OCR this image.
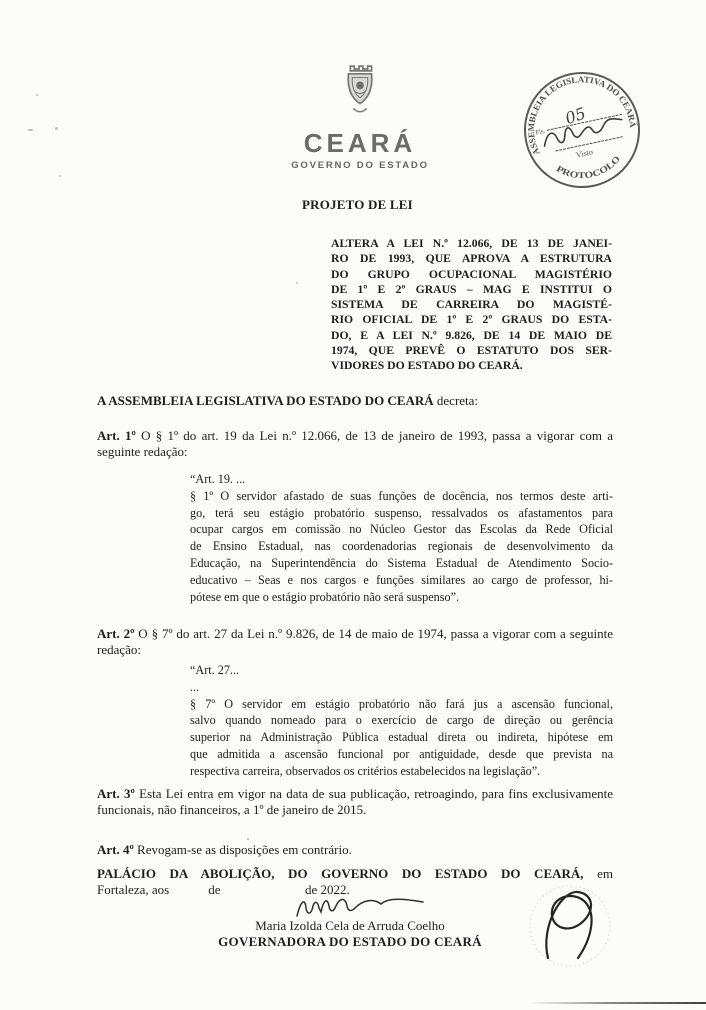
CEARÁ
GOVERNO DO ESTADO
ASSEMBLEIA LEGISLATIVA DO CEARÁ
PROTOCOLO
Fls.
05
Visto
PROJETO DE LEI
ALTERA A LEI N.º 12.066, DE 13 DE JANEI-
RO DE 1993, QUE APROVA A ESTRUTURA
DO GRUPO OCUPACIONAL MAGISTÉRIO
DE 1º E 2º GRAUS – MAG E INSTITUI O
SISTEMA DE CARREIRA DO MAGISTÉ-
RIO OFICIAL DE 1º E 2º GRAUS DO ESTA-
DO, E A LEI N.º 9.826, DE 14 DE MAIO DE
1974, QUE PREVÊ O ESTATUTO DOS SER-
VIDORES DO ESTADO DO CEARÁ.

A ASSEMBLEIA LEGISLATIVA DO ESTADO DO CEARÁ decreta:

Art. 1º O § 1º do art. 19 da Lei n.º 12.066, de 13 de janeiro de 1993, passa a vigorar com a seguinte redação:

“Art. 19. ...
§ 1º O servidor afastado de suas funções de docência, nos termos deste arti-
go, terá seu estágio probatório suspenso, ressalvados os afastamentos para
ocupar cargos em comissão no Núcleo Gestor das Escolas da Rede Oficial
de Ensino Estadual, nas coordenadorias regionais de desenvolvimento da
Educação, na Superintendência do Sistema Estadual de Atendimento Socio-
educativo – Seas e nos cargos e funções similares ao cargo de professor, hi-
pótese em que o estágio probatório não será suspenso”.

Art. 2º O § 7º do art. 27 da Lei n.º 9.826, de 14 de maio de 1974, passa a vigorar com a seguinte redação:

“Art. 27...
...
§ 7º O servidor em estágio probatório não fará jus a ascensão funcional,
salvo quando nomeado para o exercício de cargo de direção ou gerência
superior na Administração Pública estadual direta ou indireta, hipótese em
que admitida a ascensão funcional por antiguidade, desde que prevista na
respectiva carreira, observados os critérios estabelecidos na legislação”.

Art. 3º Esta Lei entra em vigor na data de sua publicação, retroagindo, para fins exclusivamente funcionais, não financeiros, a 1º de janeiro de 2015.

Art. 4º Revogam-se as disposições em contrário.

PALÁCIO DA ABOLIÇÃO, DO GOVERNO DO ESTADO DO CEARÁ, em
Fortaleza, aos            de                          de 2022.
Maria Izolda Cela de Arruda Coelho
GOVERNADORA DO ESTADO DO CEARÁ
